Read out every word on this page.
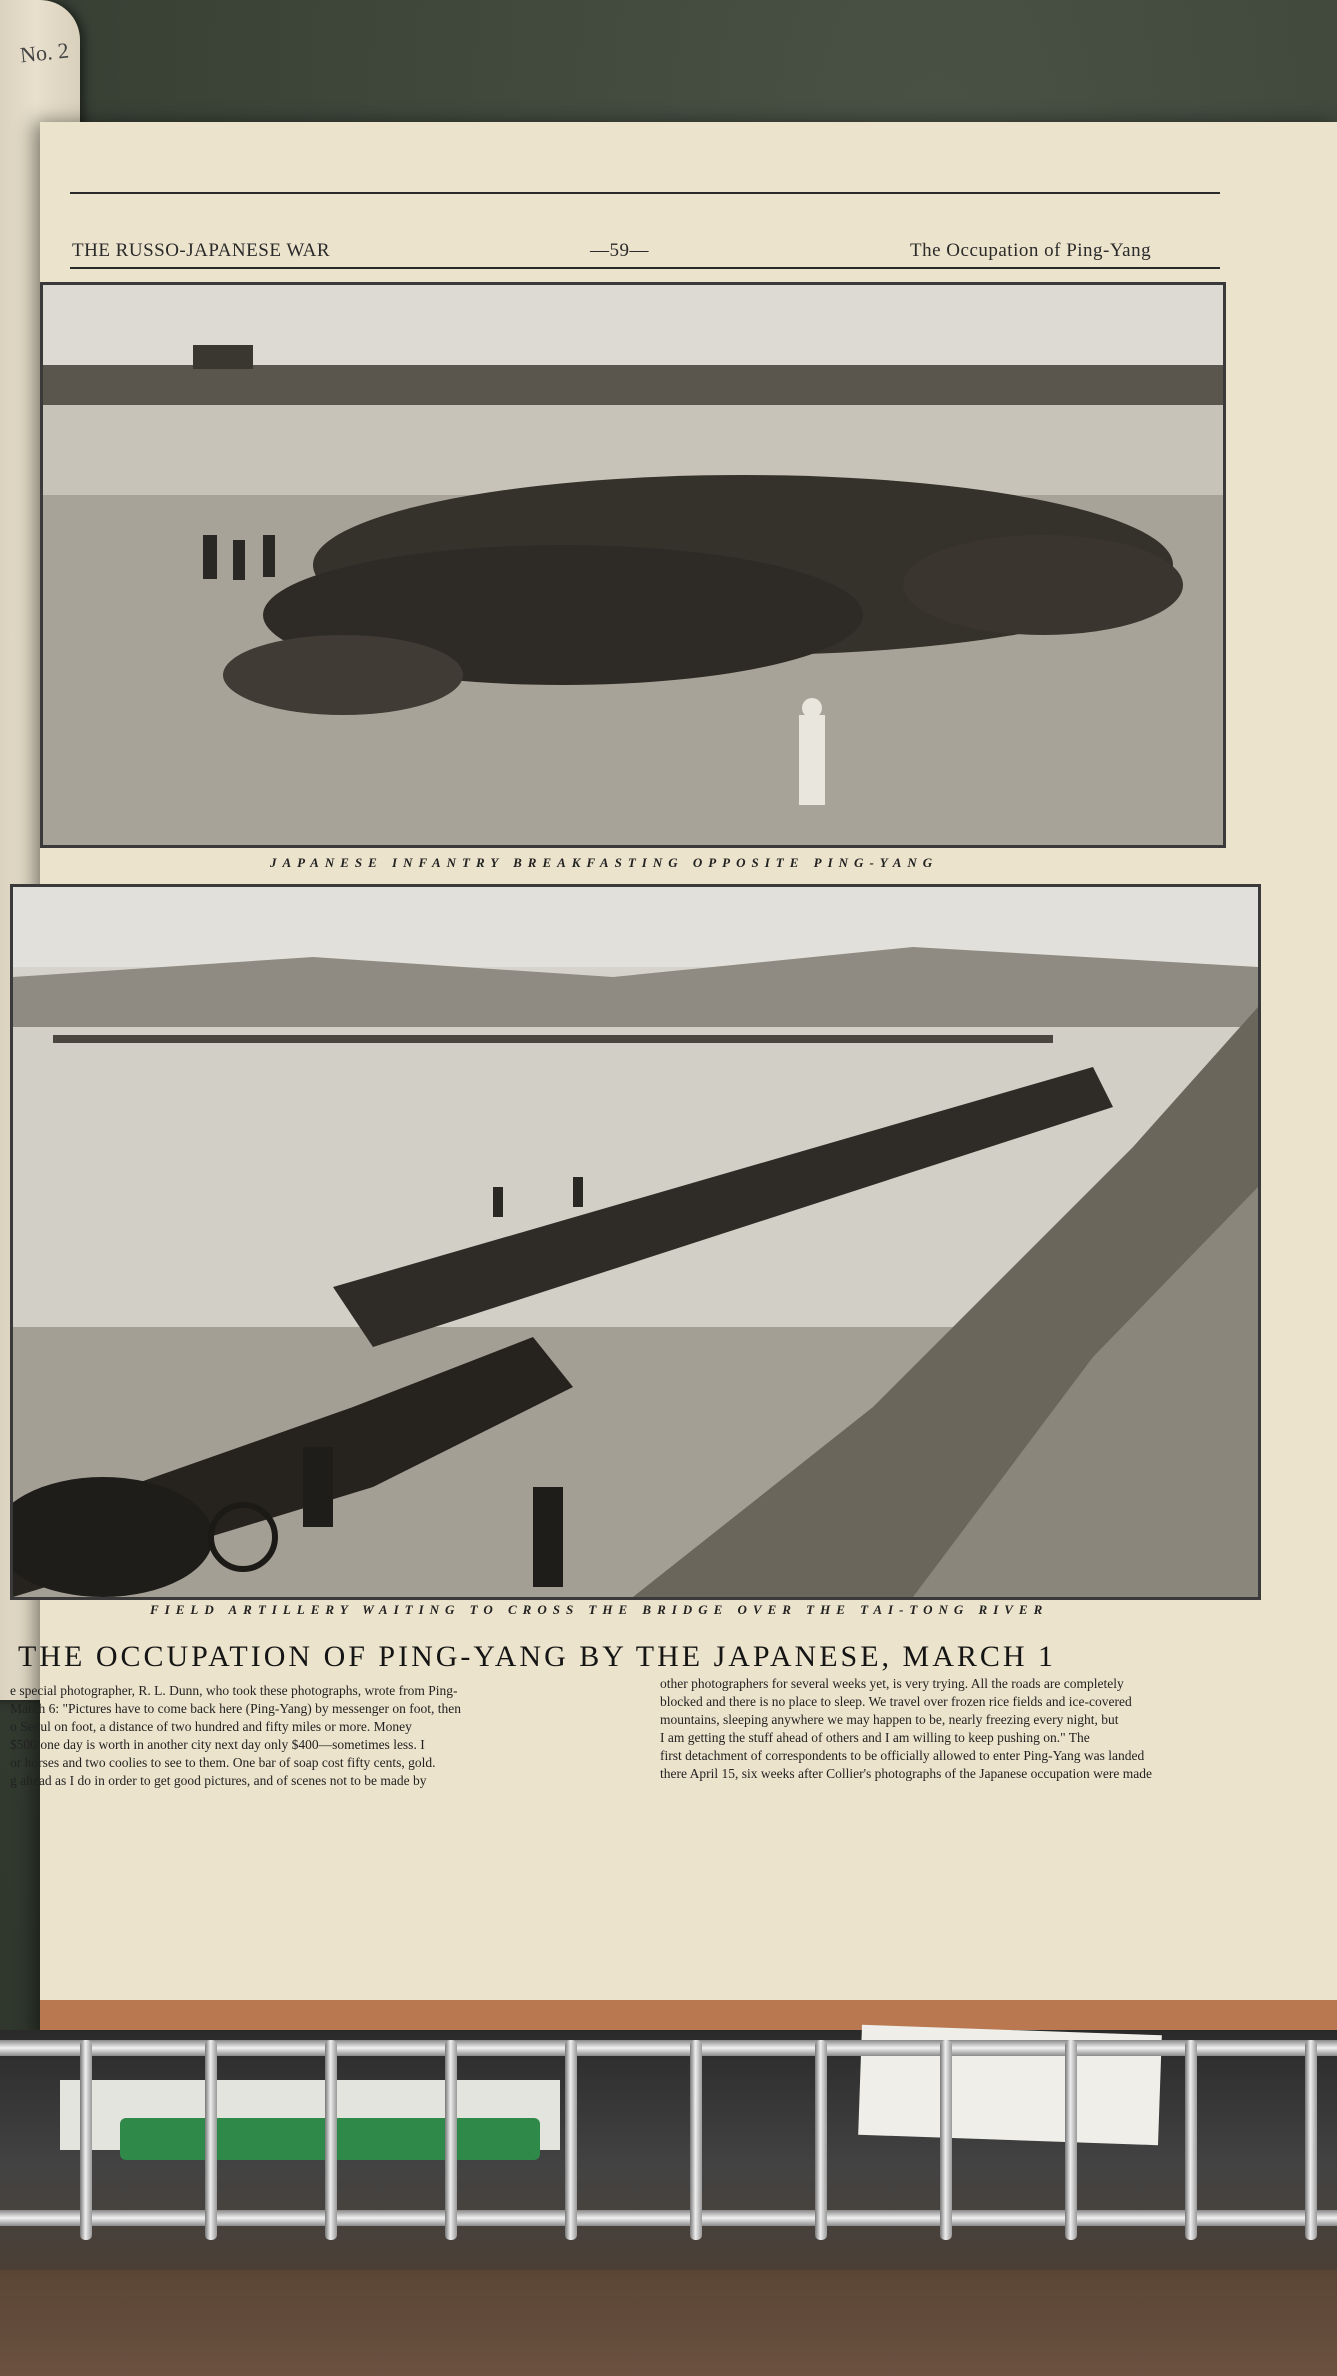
No. 2
THE RUSSO-JAPANESE WAR	—59—	The Occupation of Ping-Yang
JAPANESE INFANTRY BREAKFASTING OPPOSITE PING-YANG
FIELD ARTILLERY WAITING TO CROSS THE BRIDGE OVER THE TAI-TONG RIVER
e special photographer, R. L. Dunn, who took these photographs, wrote from Ping-
March 6: "Pictures have to come back here (Ping-Yang) by messenger on foot, then
o Seoul on foot, a distance of two hundred and fifty miles or more. Money
$500 one day is worth in another city next day only $400—sometimes less. I
or horses and two coolies to see to them. One bar of soap cost fifty cents, gold.
g ahead as I do in order to get good pictures, and of scenes not to be made by
other photographers for several weeks yet, is very trying. All the roads are completely
blocked and there is no place to sleep. We travel over frozen rice fields and ice-covered
mountains, sleeping anywhere we may happen to be, nearly freezing every night, but
I am getting the stuff ahead of others and I am willing to keep pushing on." The
first detachment of correspondents to be officially allowed to enter Ping-Yang was landed
there April 15, six weeks after Collier's photographs of the Japanese occupation were made
THE OCCUPATION OF PING-YANG BY THE JAPANESE, MARCH 1
